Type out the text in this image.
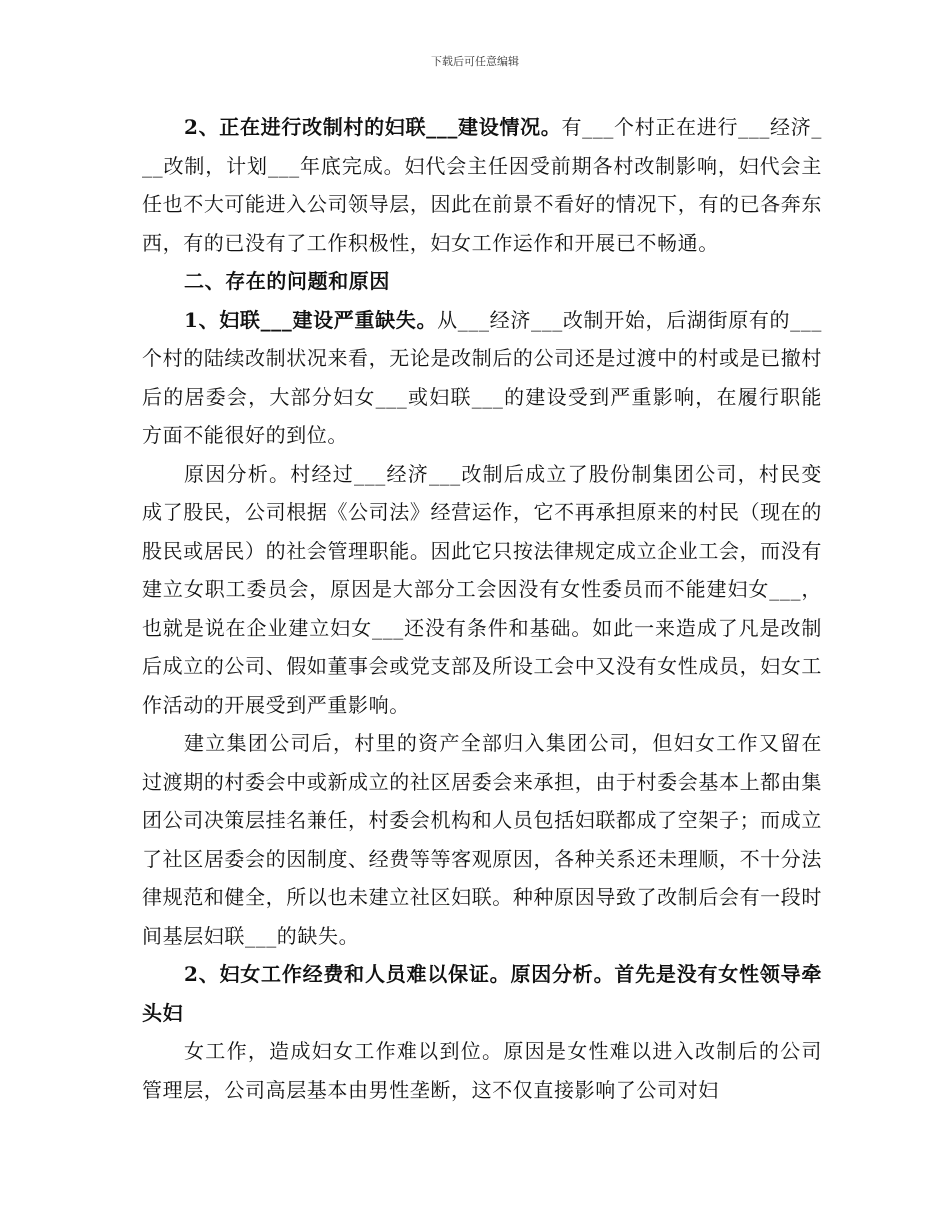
下载后可任意编辑

2、正在进行改制村的妇联___建设情况。有___个村正在进行___经济___改制，计划___年底完成。妇代会主任因受前期各村改制影响，妇代会主任也不大可能进入公司领导层，因此在前景不看好的情况下，有的已各奔东西，有的已没有了工作积极性，妇女工作运作和开展已不畅通。

二、存在的问题和原因

1、妇联___建设严重缺失。从___经济___改制开始，后湖街原有的___个村的陆续改制状况来看，无论是改制后的公司还是过渡中的村或是已撤村后的居委会，大部分妇女___或妇联___的建设受到严重影响，在履行职能方面不能很好的到位。

原因分析。村经过___经济___改制后成立了股份制集团公司，村民变成了股民，公司根据《公司法》经营运作，它不再承担原来的村民（现在的股民或居民）的社会管理职能。因此它只按法律规定成立企业工会，而没有建立女职工委员会，原因是大部分工会因没有女性委员而不能建妇女___，也就是说在企业建立妇女___还没有条件和基础。如此一来造成了凡是改制后成立的公司、假如董事会或党支部及所设工会中又没有女性成员，妇女工作活动的开展受到严重影响。

建立集团公司后，村里的资产全部归入集团公司，但妇女工作又留在过渡期的村委会中或新成立的社区居委会来承担，由于村委会基本上都由集团公司决策层挂名兼任，村委会机构和人员包括妇联都成了空架子；而成立了社区居委会的因制度、经费等等客观原因，各种关系还未理顺，不十分法律规范和健全，所以也未建立社区妇联。种种原因导致了改制后会有一段时间基层妇联___的缺失。

2、妇女工作经费和人员难以保证。原因分析。首先是没有女性领导牵头妇

女工作，造成妇女工作难以到位。原因是女性难以进入改制后的公司管理层，公司高层基本由男性垄断，这不仅直接影响了公司对妇
